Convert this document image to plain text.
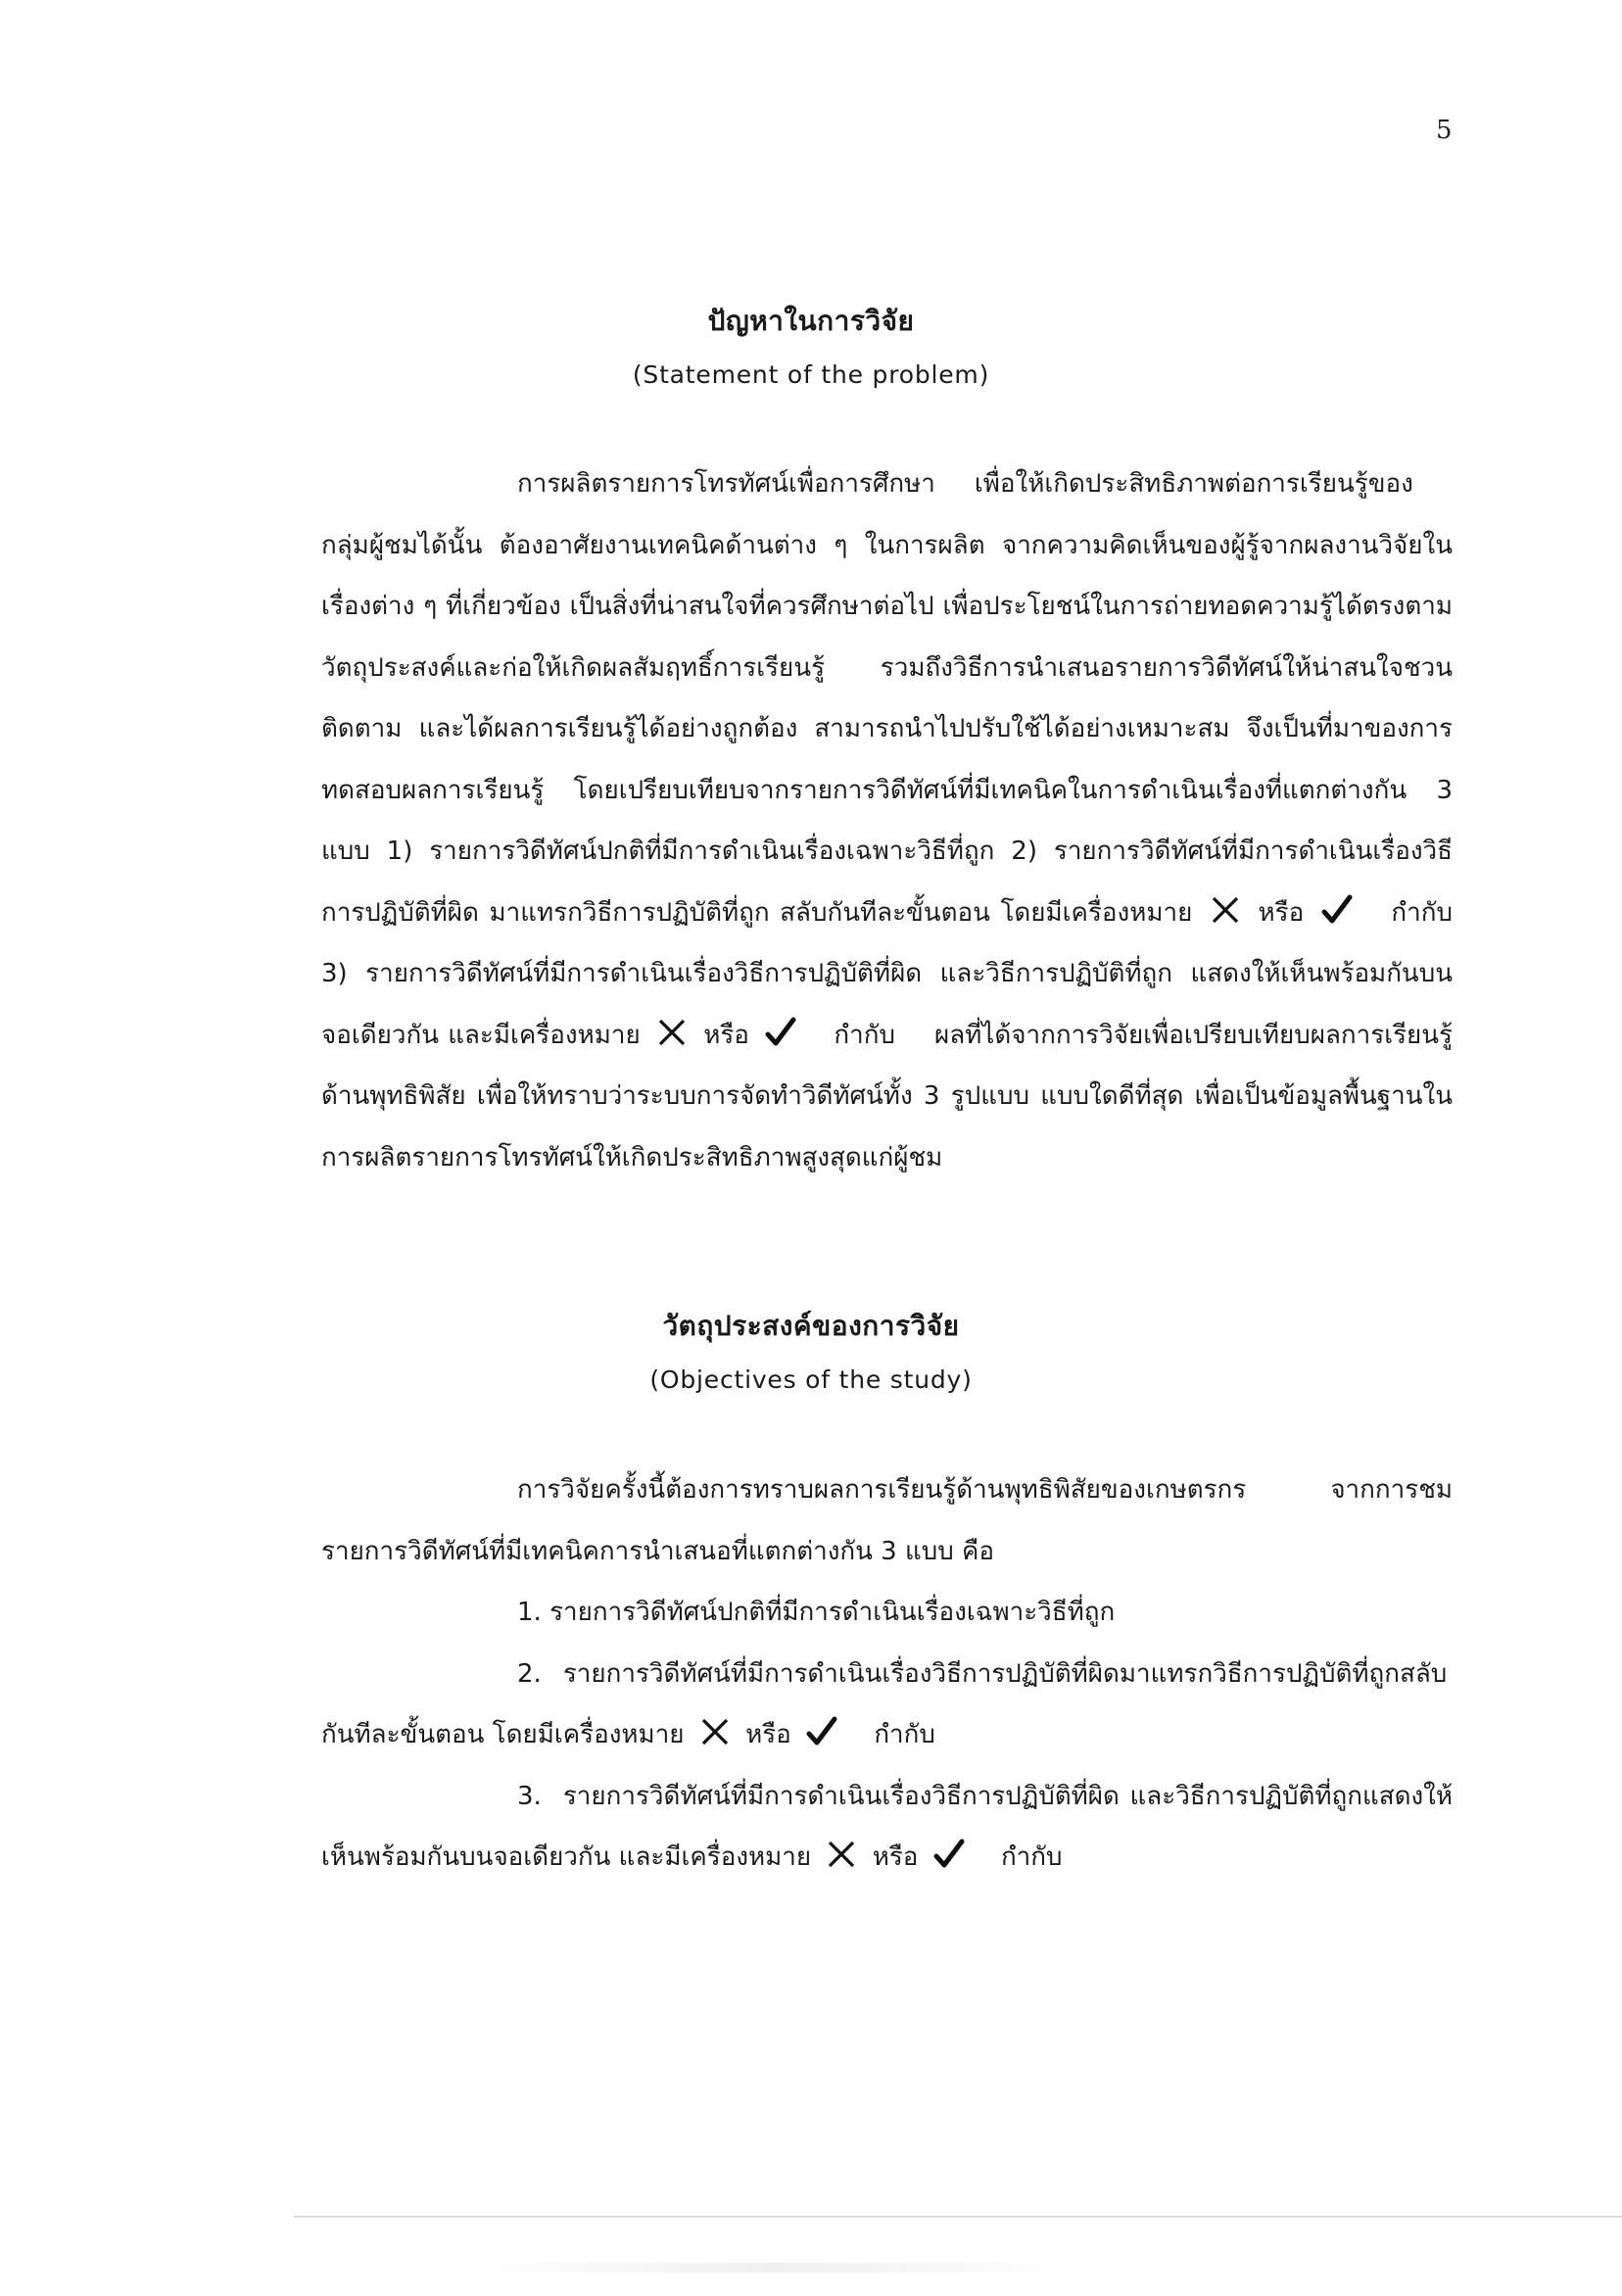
5
ปัญหาในการวิจัย
(Statement of the problem)

การผลิตรายการโทรทัศน์เพื่อการศึกษา เพื่อให้เกิดประสิทธิภาพต่อการเรียนรู้ของกลุ่มผู้ชมได้นั้น ต้องอาศัยงานเทคนิคด้านต่าง ๆ ในการผลิต จากความคิดเห็นของผู้รู้จากผลงานวิจัยในเรื่องต่าง ๆ ที่เกี่ยวข้อง เป็นสิ่งที่น่าสนใจที่ควรศึกษาต่อไป เพื่อประโยชน์ในการถ่ายทอดความรู้ได้ตรงตามวัตถุประสงค์และก่อให้เกิดผลสัมฤทธิ์การเรียนรู้ รวมถึงวิธีการนำเสนอรายการวิดีทัศน์ให้น่าสนใจชวนติดตาม และได้ผลการเรียนรู้ได้อย่างถูกต้อง สามารถนำไปปรับใช้ได้อย่างเหมาะสม จึงเป็นที่มาของการทดสอบผลการเรียนรู้ โดยเปรียบเทียบจากรายการวิดีทัศน์ที่มีเทคนิคในการดำเนินเรื่องที่แตกต่างกัน 3 แบบ 1) รายการวิดีทัศน์ปกติที่มีการดำเนินเรื่องเฉพาะวิธีที่ถูก 2) รายการวิดีทัศน์ที่มีการดำเนินเรื่องวิธีการปฏิบัติที่ผิด มาแทรกวิธีการปฏิบัติที่ถูก สลับกันทีละขั้นตอน โดยมีเครื่องหมาย	หรือ	กำกับ 3) รายการวิดีทัศน์ที่มีการดำเนินเรื่องวิธีการปฏิบัติที่ผิด และวิธีการปฏิบัติที่ถูก แสดงให้เห็นพร้อมกันบนจอเดียวกัน และมีเครื่องหมาย หรือ	กำกับ ผลที่ได้จากการวิจัยเพื่อเปรียบเทียบผลการเรียนรู้ด้านพุทธิพิสัย เพื่อให้ทราบว่าระบบการจัดทำวิดีทัศน์ทั้ง 3 รูปแบบ แบบใดดีที่สุด เพื่อเป็นข้อมูลพื้นฐานในการผลิตรายการโทรทัศน์ให้เกิดประสิทธิภาพสูงสุดแก่ผู้ชม

วัตถุประสงค์ของการวิจัย
(Objectives of the study)

การวิจัยครั้งนี้ต้องการทราบผลการเรียนรู้ด้านพุทธิพิสัยของเกษตรกร จากการชมรายการวิดีทัศน์ที่มีเทคนิคการนำเสนอที่แตกต่างกัน 3 แบบ คือ

1. รายการวิดีทัศน์ปกติที่มีการดำเนินเรื่องเฉพาะวิธีที่ถูก

2. รายการวิดีทัศน์ที่มีการดำเนินเรื่องวิธีการปฏิบัติที่ผิดมาแทรกวิธีการปฏิบัติที่ถูกสลับกันทีละขั้นตอน โดยมีเครื่องหมาย หรือ	กำกับ

3. รายการวิดีทัศน์ที่มีการดำเนินเรื่องวิธีการปฏิบัติที่ผิด และวิธีการปฏิบัติที่ถูกแสดงให้เห็นพร้อมกันบนจอเดียวกัน และมีเครื่องหมาย หรือ	กำกับ
